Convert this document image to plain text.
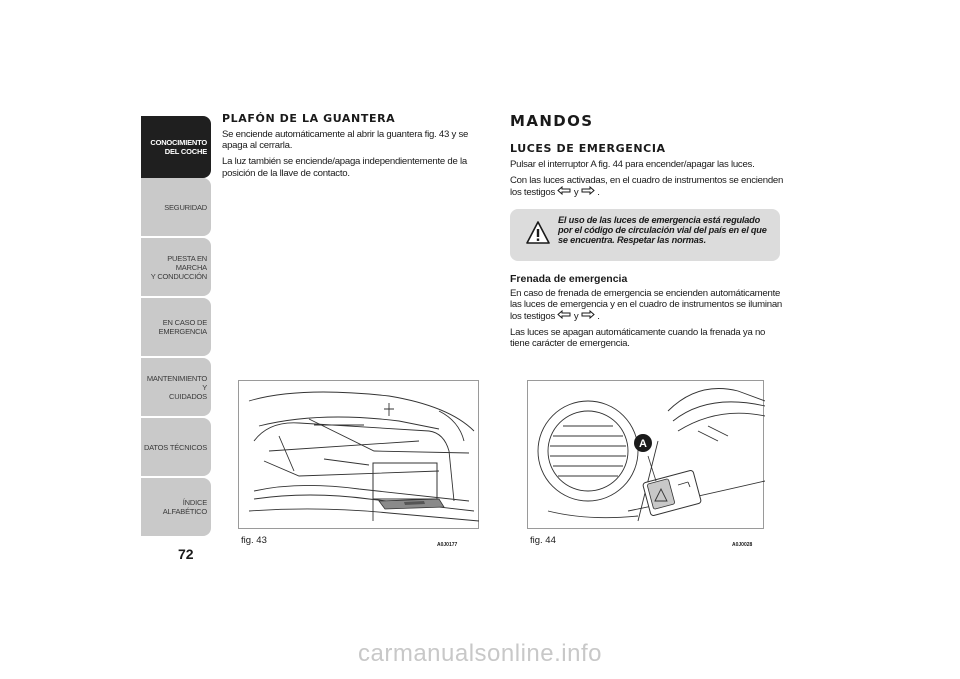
CONOCIMIENTO
DEL COCHE
SEGURIDAD
PUESTA EN MARCHA
Y CONDUCCIÓN
EN CASO DE
EMERGENCIA
MANTENIMIENTO Y
CUIDADOS
DATOS TÉCNICOS
ÍNDICE ALFABÉTICO
72
PLAFÓN DE LA GUANTERA

Se enciende automáticamente al abrir la guantera fig. 43 y se apaga al cerrarla.

La luz también se enciende/apaga independientemente de la posición de la llave de contacto.

MANDOS
LUCES DE EMERGENCIA

Pulsar el interruptor A fig. 44 para encender/apagar las luces.

Con las luces activadas, en el cuadro de instrumentos se encienden los testigos y .

El uso de las luces de emergencia está regulado por el código de circulación vial del país en el que se encuentra. Respetar las normas.
Frenada de emergencia

En caso de frenada de emergencia se encienden automáticamente las luces de emergencia y en el cuadro de instrumentos se iluminan los testigos y .

Las luces se apagan automáticamente cuando la frenada ya no tiene carácter de emergencia.

fig. 43	A0J0177
A
fig. 44	A0J0028
carmanualsonline.info
